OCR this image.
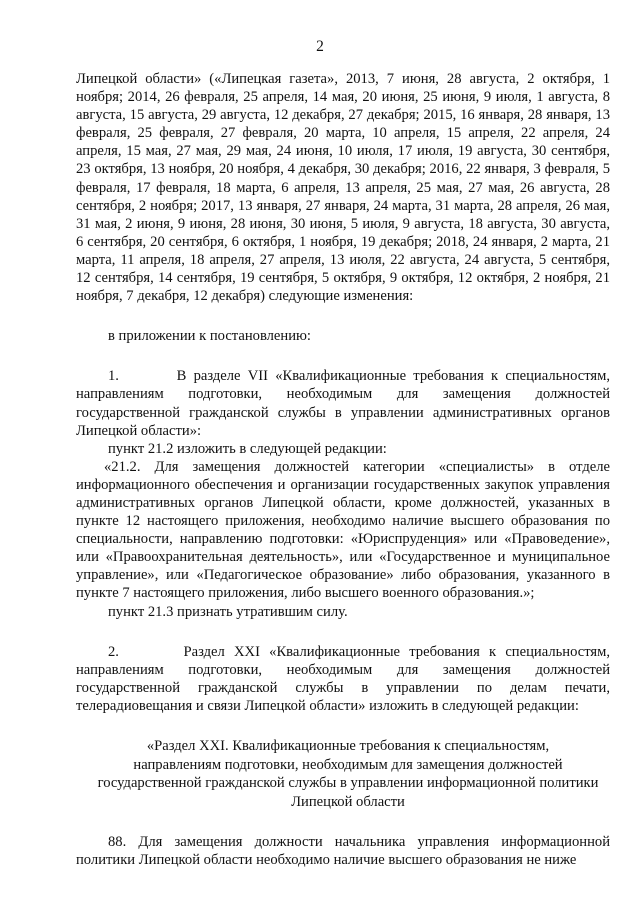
2

Липецкой области» («Липецкая газета», 2013, 7 июня, 28 августа, 2 октября, 1 ноября; 2014, 26 февраля, 25 апреля, 14 мая, 20 июня, 25 июня, 9 июля, 1 августа, 8 августа, 15 августа, 29 августа, 12 декабря, 27 декабря; 2015, 16 января, 28 января, 13 февраля, 25 февраля, 27 февраля, 20 марта, 10 апреля, 15 апреля, 22 апреля, 24 апреля, 15 мая, 27 мая, 29 мая, 24 июня, 10 июля, 17 июля, 19 августа, 30 сентября, 23 октября, 13 ноября, 20 ноября, 4 декабря, 30 декабря; 2016, 22 января, 3 февраля, 5 февраля, 17 февраля, 18 марта, 6 апреля, 13 апреля, 25 мая, 27 мая, 26 августа, 28 сентября, 2 ноября; 2017, 13 января, 27 января, 24 марта, 31 марта, 28 апреля, 26 мая, 31 мая, 2 июня, 9 июня, 28 июня, 30 июня, 5 июля, 9 августа, 18 августа, 30 августа, 6 сентября, 20 сентября, 6 октября, 1 ноября, 19 декабря; 2018, 24 января, 2 марта, 21 марта, 11 апреля, 18 апреля, 27 апреля, 13 июля, 22 августа, 24 августа, 5 сентября, 12 сентября, 14 сентября, 19 сентября, 5 октября, 9 октября, 12 октября, 2 ноября, 21 ноября, 7 декабря, 12 декабря) следующие изменения:

в приложении к постановлению:

1.        В разделе VII «Квалификационные требования к специальностям, направлениям подготовки, необходимым для замещения должностей государственной гражданской службы в управлении административных органов Липецкой области»:

пункт 21.2 изложить в следующей редакции:

«21.2. Для замещения должностей категории «специалисты» в отделе информационного обеспечения и организации государственных закупок управления административных органов Липецкой области, кроме должностей, указанных в пункте 12 настоящего приложения, необходимо наличие высшего образования по специальности, направлению подготовки: «Юриспруденция» или «Правоведение», или «Правоохранительная деятельность», или «Государственное и муниципальное управление», или «Педагогическое образование» либо образования, указанного в пункте 7 настоящего приложения, либо высшего военного образования.»;

пункт 21.3 признать утратившим силу.

2.       Раздел XXI «Квалификационные требования к специальностям, направлениям подготовки, необходимым для замещения должностей государственной гражданской службы в управлении по делам печати, телерадиовещания и связи Липецкой области» изложить в следующей редакции:

«Раздел XXI. Квалификационные требования к специальностям,

направлениям подготовки, необходимым для замещения должностей

государственной гражданской службы в управлении информационной политики

Липецкой области

88. Для замещения должности начальника управления информационной политики Липецкой области необходимо наличие высшего образования не ниже
